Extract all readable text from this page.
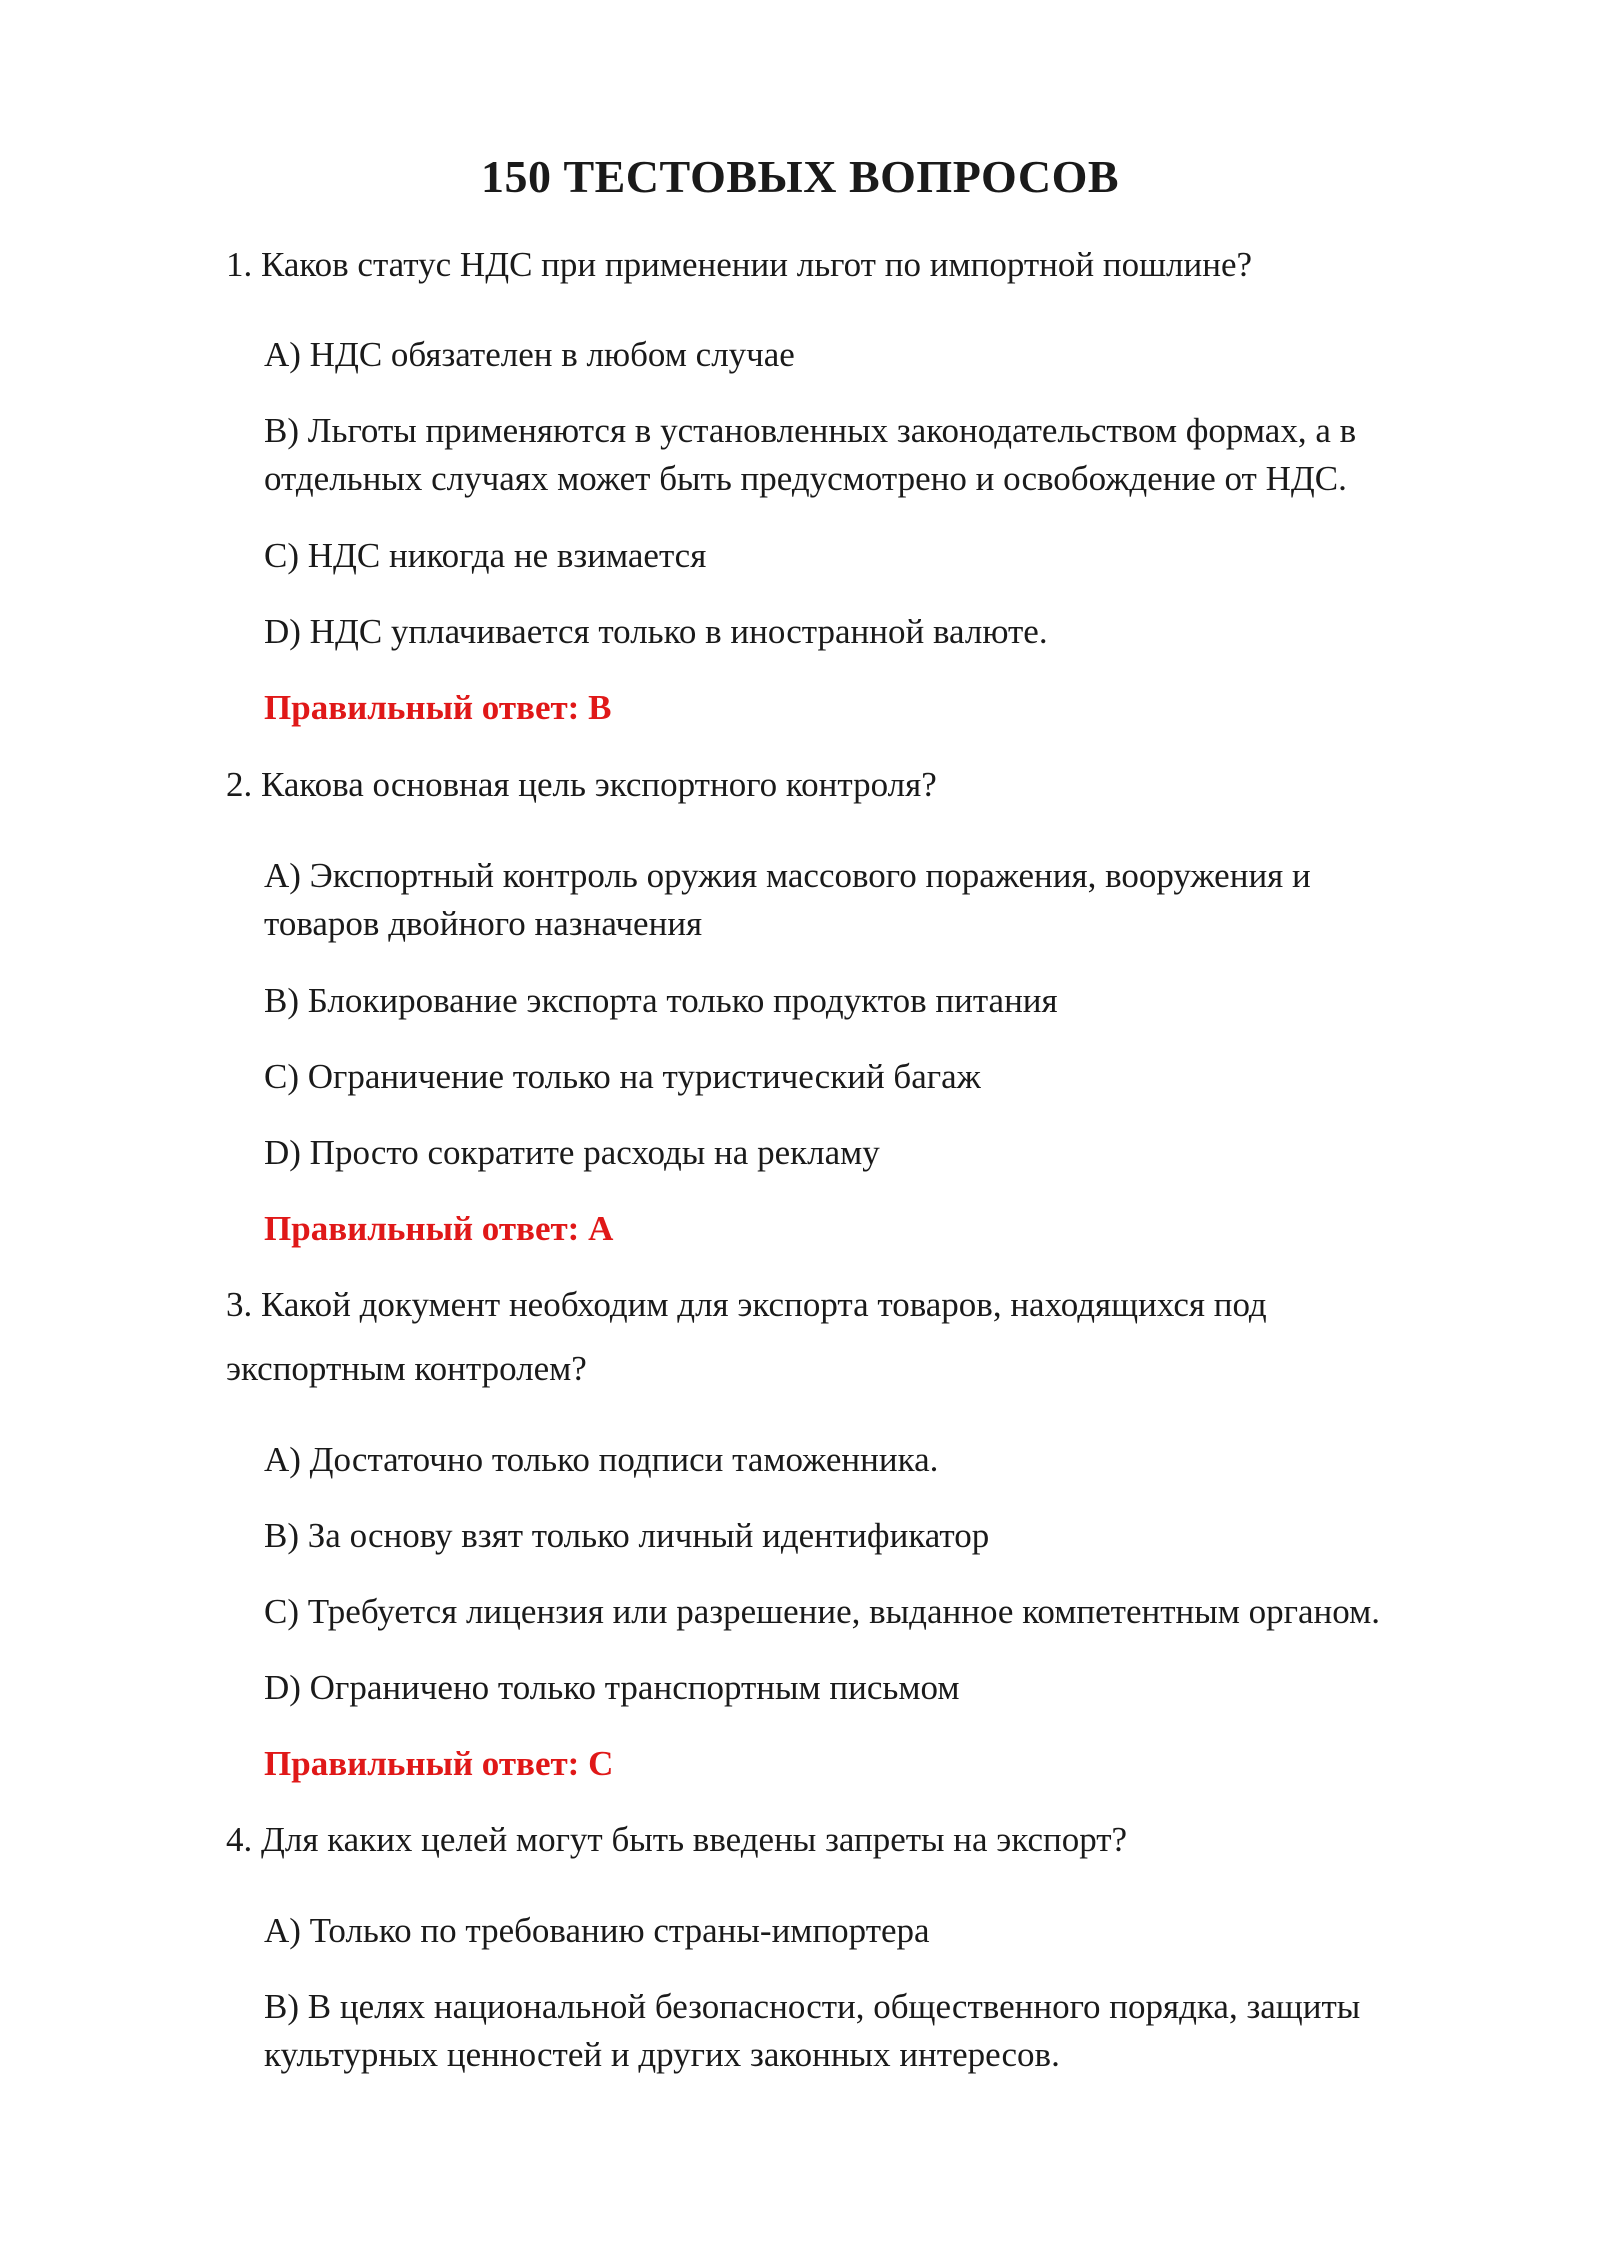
150 ТЕСТОВЫХ ВОПРОСОВ
1. Каков статус НДС при применении льгот по импортной пошлине?
A) НДС обязателен в любом случае
B) Льготы применяются в установленных законодательством формах, а в
отдельных случаях может быть предусмотрено и освобождение от НДС.
C) НДС никогда не взимается
D) НДС уплачивается только в иностранной валюте.
Правильный ответ: B
2. Какова основная цель экспортного контроля?
A) Экспортный контроль оружия массового поражения, вооружения и
товаров двойного назначения
B) Блокирование экспорта только продуктов питания
C) Ограничение только на туристический багаж
D) Просто сократите расходы на рекламу
Правильный ответ: A
3. Какой документ необходим для экспорта товаров, находящихся под
экспортным контролем?
A) Достаточно только подписи таможенника.
B) За основу взят только личный идентификатор
C) Требуется лицензия или разрешение, выданное компетентным органом.
D) Ограничено только транспортным письмом
Правильный ответ: C
4. Для каких целей могут быть введены запреты на экспорт?
A) Только по требованию страны-импортера
B) В целях национальной безопасности, общественного порядка, защиты
культурных ценностей и других законных интересов.
